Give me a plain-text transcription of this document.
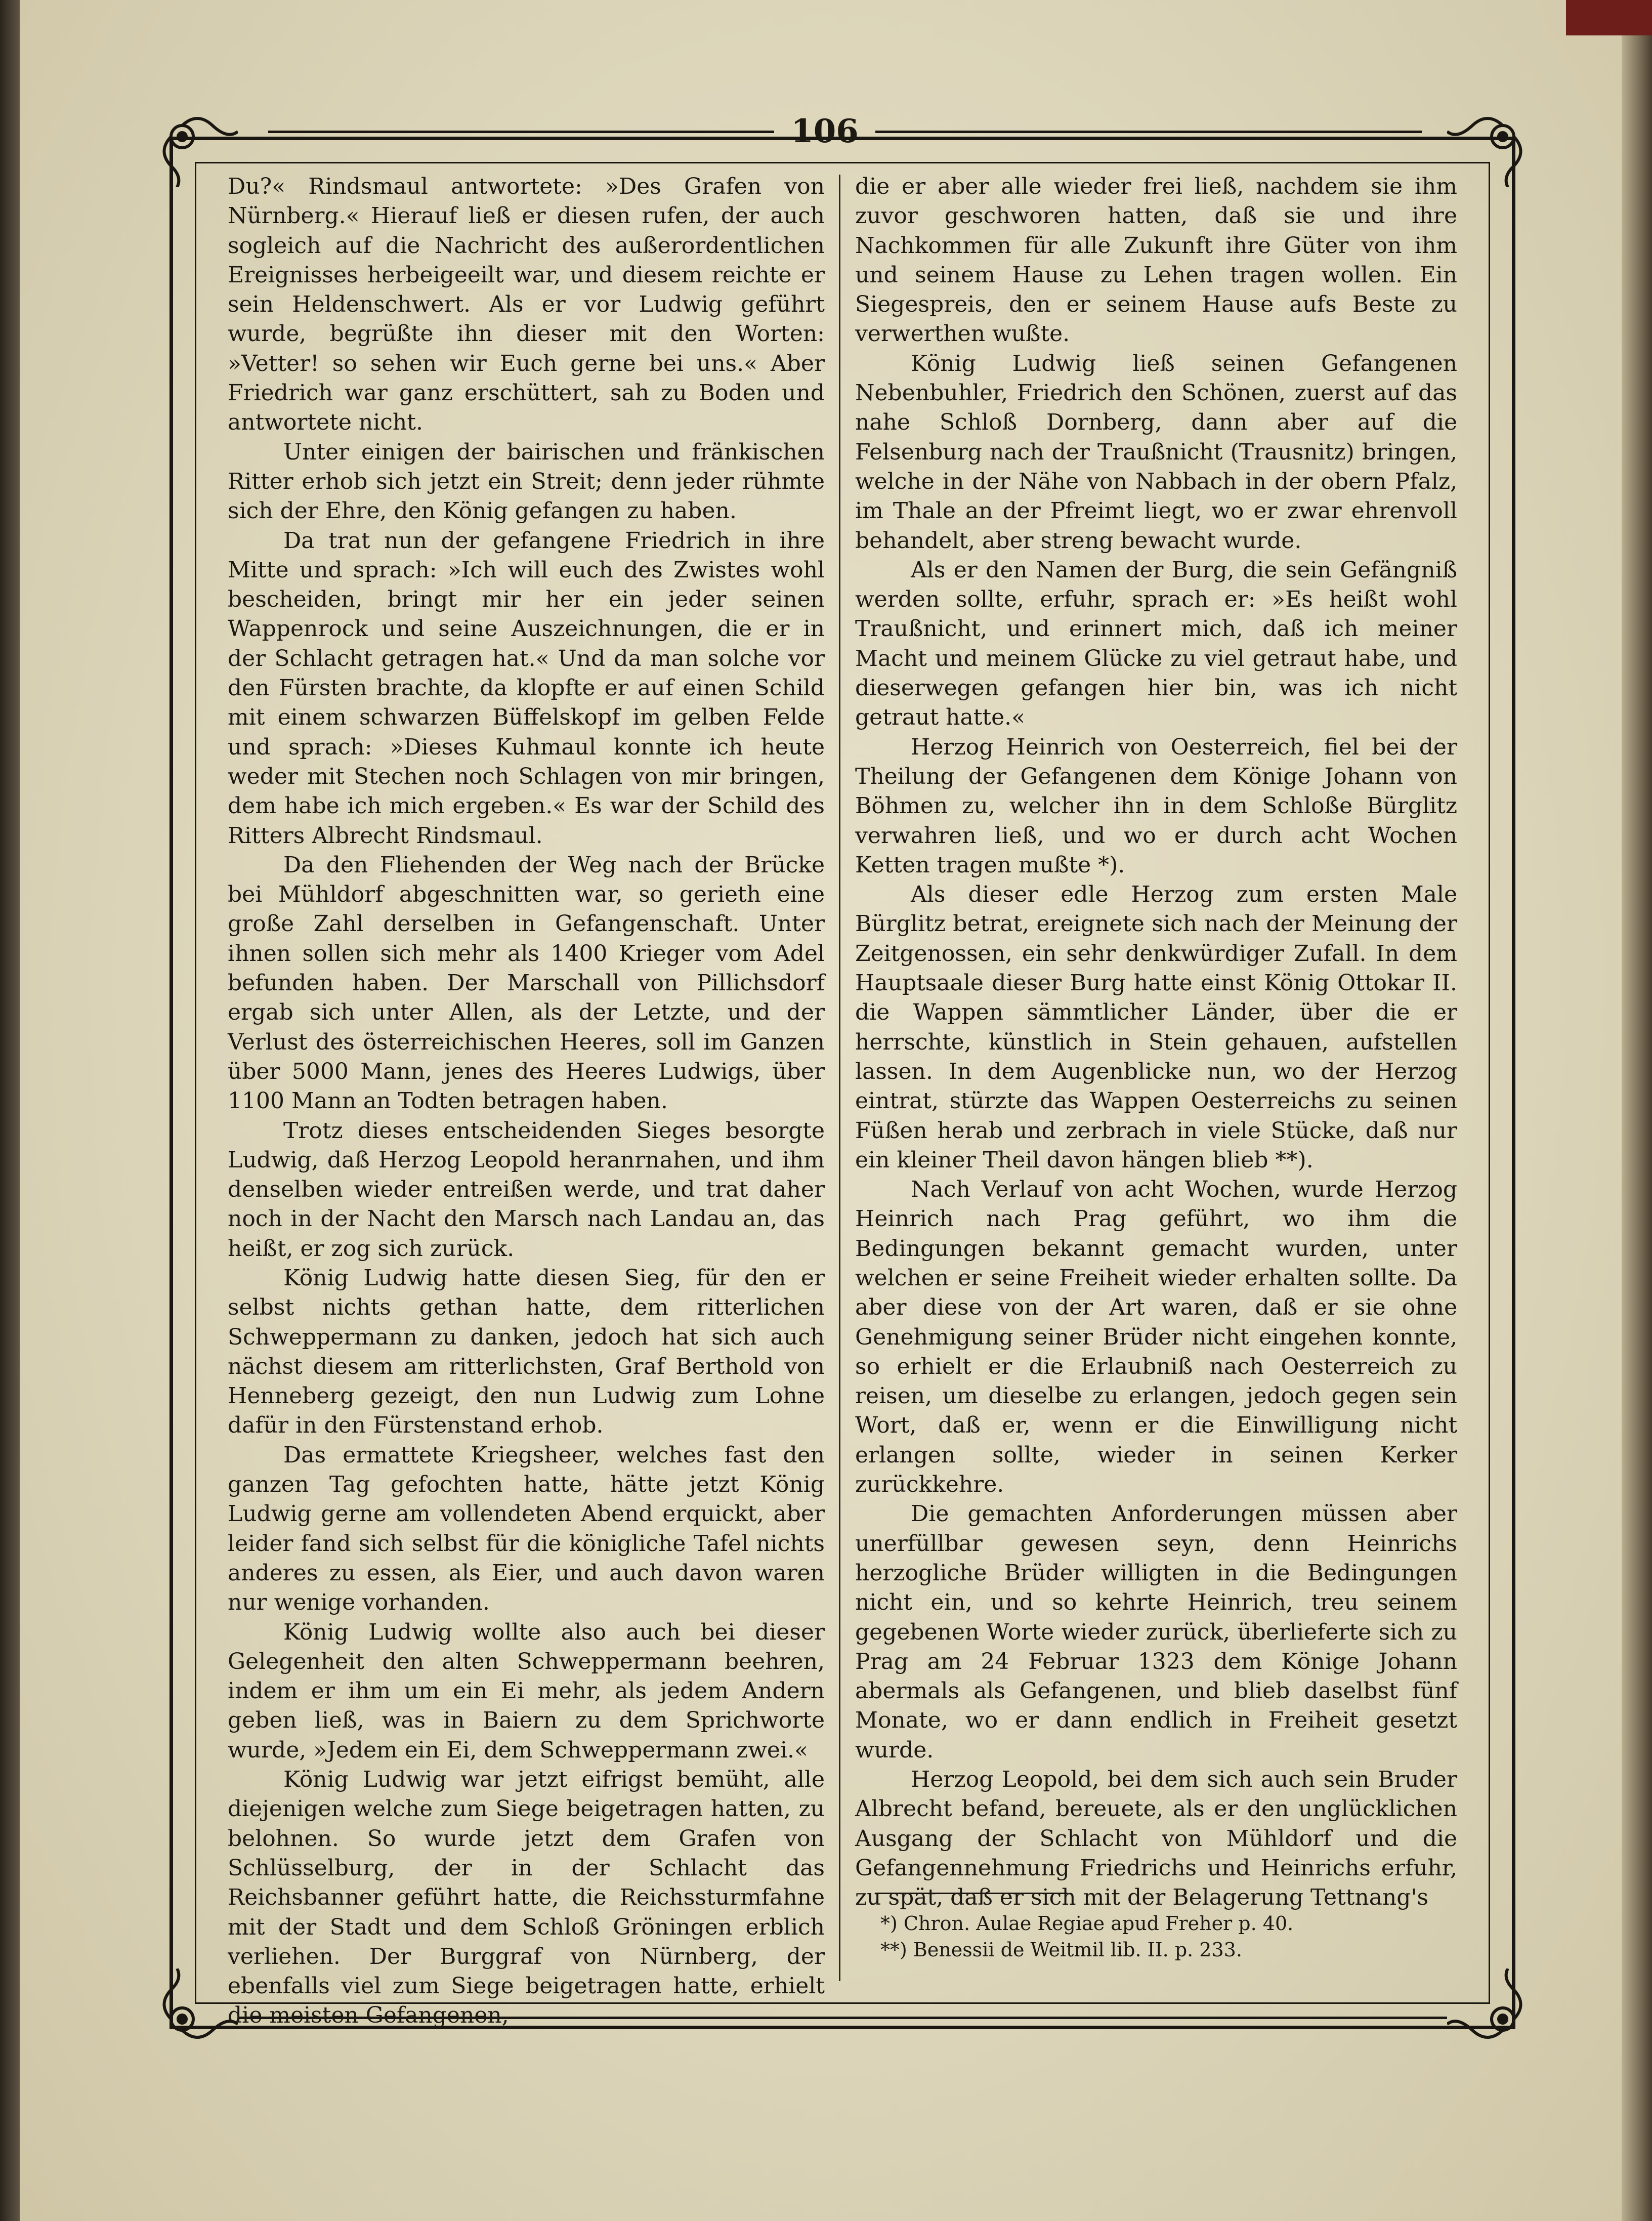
106

Du?« Rindsmaul antwortete: »Des Grafen von Nürnberg.« Hierauf ließ er diesen rufen, der auch sogleich auf die Nachricht des außerordentlichen Ereignisses herbeigeeilt war, und diesem reichte er sein Heldenschwert. Als er vor Ludwig geführt wurde, begrüßte ihn dieser mit den Worten: »Vetter! so sehen wir Euch gerne bei uns.« Aber Friedrich war ganz erschüttert, sah zu Boden und antwortete nicht.

Unter einigen der bairischen und fränkischen Ritter erhob sich jetzt ein Streit; denn jeder rühmte sich der Ehre, den König gefangen zu haben.

Da trat nun der gefangene Friedrich in ihre Mitte und sprach: »Ich will euch des Zwistes wohl bescheiden, bringt mir her ein jeder seinen Wappenrock und seine Auszeichnungen, die er in der Schlacht getragen hat.« Und da man solche vor den Fürsten brachte, da klopfte er auf einen Schild mit einem schwarzen Büffelskopf im gelben Felde und sprach: »Dieses Kuhmaul konnte ich heute weder mit Stechen noch Schlagen von mir bringen, dem habe ich mich ergeben.« Es war der Schild des Ritters Albrecht Rindsmaul.

Da den Fliehenden der Weg nach der Brücke bei Mühldorf abgeschnitten war, so gerieth eine große Zahl derselben in Gefangenschaft. Unter ihnen sollen sich mehr als 1400 Krieger vom Adel befunden haben. Der Marschall von Pillichsdorf ergab sich unter Allen, als der Letzte, und der Verlust des österreichischen Heeres, soll im Ganzen über 5000 Mann, jenes des Heeres Ludwigs, über 1100 Mann an Todten betragen haben.

Trotz dieses entscheidenden Sieges besorgte Ludwig, daß Herzog Leopold heranrnahen, und ihm denselben wieder entreißen werde, und trat daher noch in der Nacht den Marsch nach Landau an, das heißt, er zog sich zurück.

König Ludwig hatte diesen Sieg, für den er selbst nichts gethan hatte, dem ritterlichen Schweppermann zu danken, jedoch hat sich auch nächst diesem am ritterlichsten, Graf Berthold von Henneberg gezeigt, den nun Ludwig zum Lohne dafür in den Fürstenstand erhob.

Das ermattete Kriegsheer, welches fast den ganzen Tag gefochten hatte, hätte jetzt König Ludwig gerne am vollendeten Abend erquickt, aber leider fand sich selbst für die königliche Tafel nichts anderes zu essen, als Eier, und auch davon waren nur wenige vorhanden.

König Ludwig wollte also auch bei dieser Gelegenheit den alten Schweppermann beehren, indem er ihm um ein Ei mehr, als jedem Andern geben ließ, was in Baiern zu dem Sprichworte wurde, »Jedem ein Ei, dem Schweppermann zwei.«

König Ludwig war jetzt eifrigst bemüht, alle diejenigen welche zum Siege beigetragen hatten, zu belohnen. So wurde jetzt dem Grafen von Schlüsselburg, der in der Schlacht das Reichsbanner geführt hatte, die Reichssturmfahne mit der Stadt und dem Schloß Gröningen erblich verliehen. Der Burggraf von Nürnberg, der ebenfalls viel zum Siege beigetragen hatte, erhielt die meisten Gefangenen,

die er aber alle wieder frei ließ, nachdem sie ihm zuvor geschworen hatten, daß sie und ihre Nachkommen für alle Zukunft ihre Güter von ihm und seinem Hause zu Lehen tragen wollen. Ein Siegespreis, den er seinem Hause aufs Beste zu verwerthen wußte.

König Ludwig ließ seinen Gefangenen Nebenbuhler, Friedrich den Schönen, zuerst auf das nahe Schloß Dornberg, dann aber auf die Felsenburg nach der Traußnicht (Trausnitz) bringen, welche in der Nähe von Nabbach in der obern Pfalz, im Thale an der Pfreimt liegt, wo er zwar ehrenvoll behandelt, aber streng bewacht wurde.

Als er den Namen der Burg, die sein Gefängniß werden sollte, erfuhr, sprach er: »Es heißt wohl Traußnicht, und erinnert mich, daß ich meiner Macht und meinem Glücke zu viel getraut habe, und dieserwegen gefangen hier bin, was ich nicht getraut hatte.«

Herzog Heinrich von Oesterreich, fiel bei der Theilung der Gefangenen dem Könige Johann von Böhmen zu, welcher ihn in dem Schloße Bürglitz verwahren ließ, und wo er durch acht Wochen Ketten tragen mußte *).

Als dieser edle Herzog zum ersten Male Bürglitz betrat, ereignete sich nach der Meinung der Zeitgenossen, ein sehr denkwürdiger Zufall. In dem Hauptsaale dieser Burg hatte einst König Ottokar II. die Wappen sämmtlicher Länder, über die er herrschte, künstlich in Stein gehauen, aufstellen lassen. In dem Augenblicke nun, wo der Herzog eintrat, stürzte das Wappen Oesterreichs zu seinen Füßen herab und zerbrach in viele Stücke, daß nur ein kleiner Theil davon hängen blieb **).

Nach Verlauf von acht Wochen, wurde Herzog Heinrich nach Prag geführt, wo ihm die Bedingungen bekannt gemacht wurden, unter welchen er seine Freiheit wieder erhalten sollte. Da aber diese von der Art waren, daß er sie ohne Genehmigung seiner Brüder nicht eingehen konnte, so erhielt er die Erlaubniß nach Oesterreich zu reisen, um dieselbe zu erlangen, jedoch gegen sein Wort, daß er, wenn er die Einwilligung nicht erlangen sollte, wieder in seinen Kerker zurückkehre.

Die gemachten Anforderungen müssen aber unerfüllbar gewesen seyn, denn Heinrichs herzogliche Brüder willigten in die Bedingungen nicht ein, und so kehrte Heinrich, treu seinem gegebenen Worte wieder zurück, überlieferte sich zu Prag am 24 Februar 1323 dem Könige Johann abermals als Gefangenen, und blieb daselbst fünf Monate, wo er dann endlich in Freiheit gesetzt wurde.

Herzog Leopold, bei dem sich auch sein Bruder Albrecht befand, bereuete, als er den unglücklichen Ausgang der Schlacht von Mühldorf und die Gefangennehmung Friedrichs und Heinrichs erfuhr, zu spät, daß er sich mit der Belagerung Tettnang's

*) Chron. Aulae Regiae apud Freher p. 40.

**) Benessii de Weitmil lib. II. p. 233.
